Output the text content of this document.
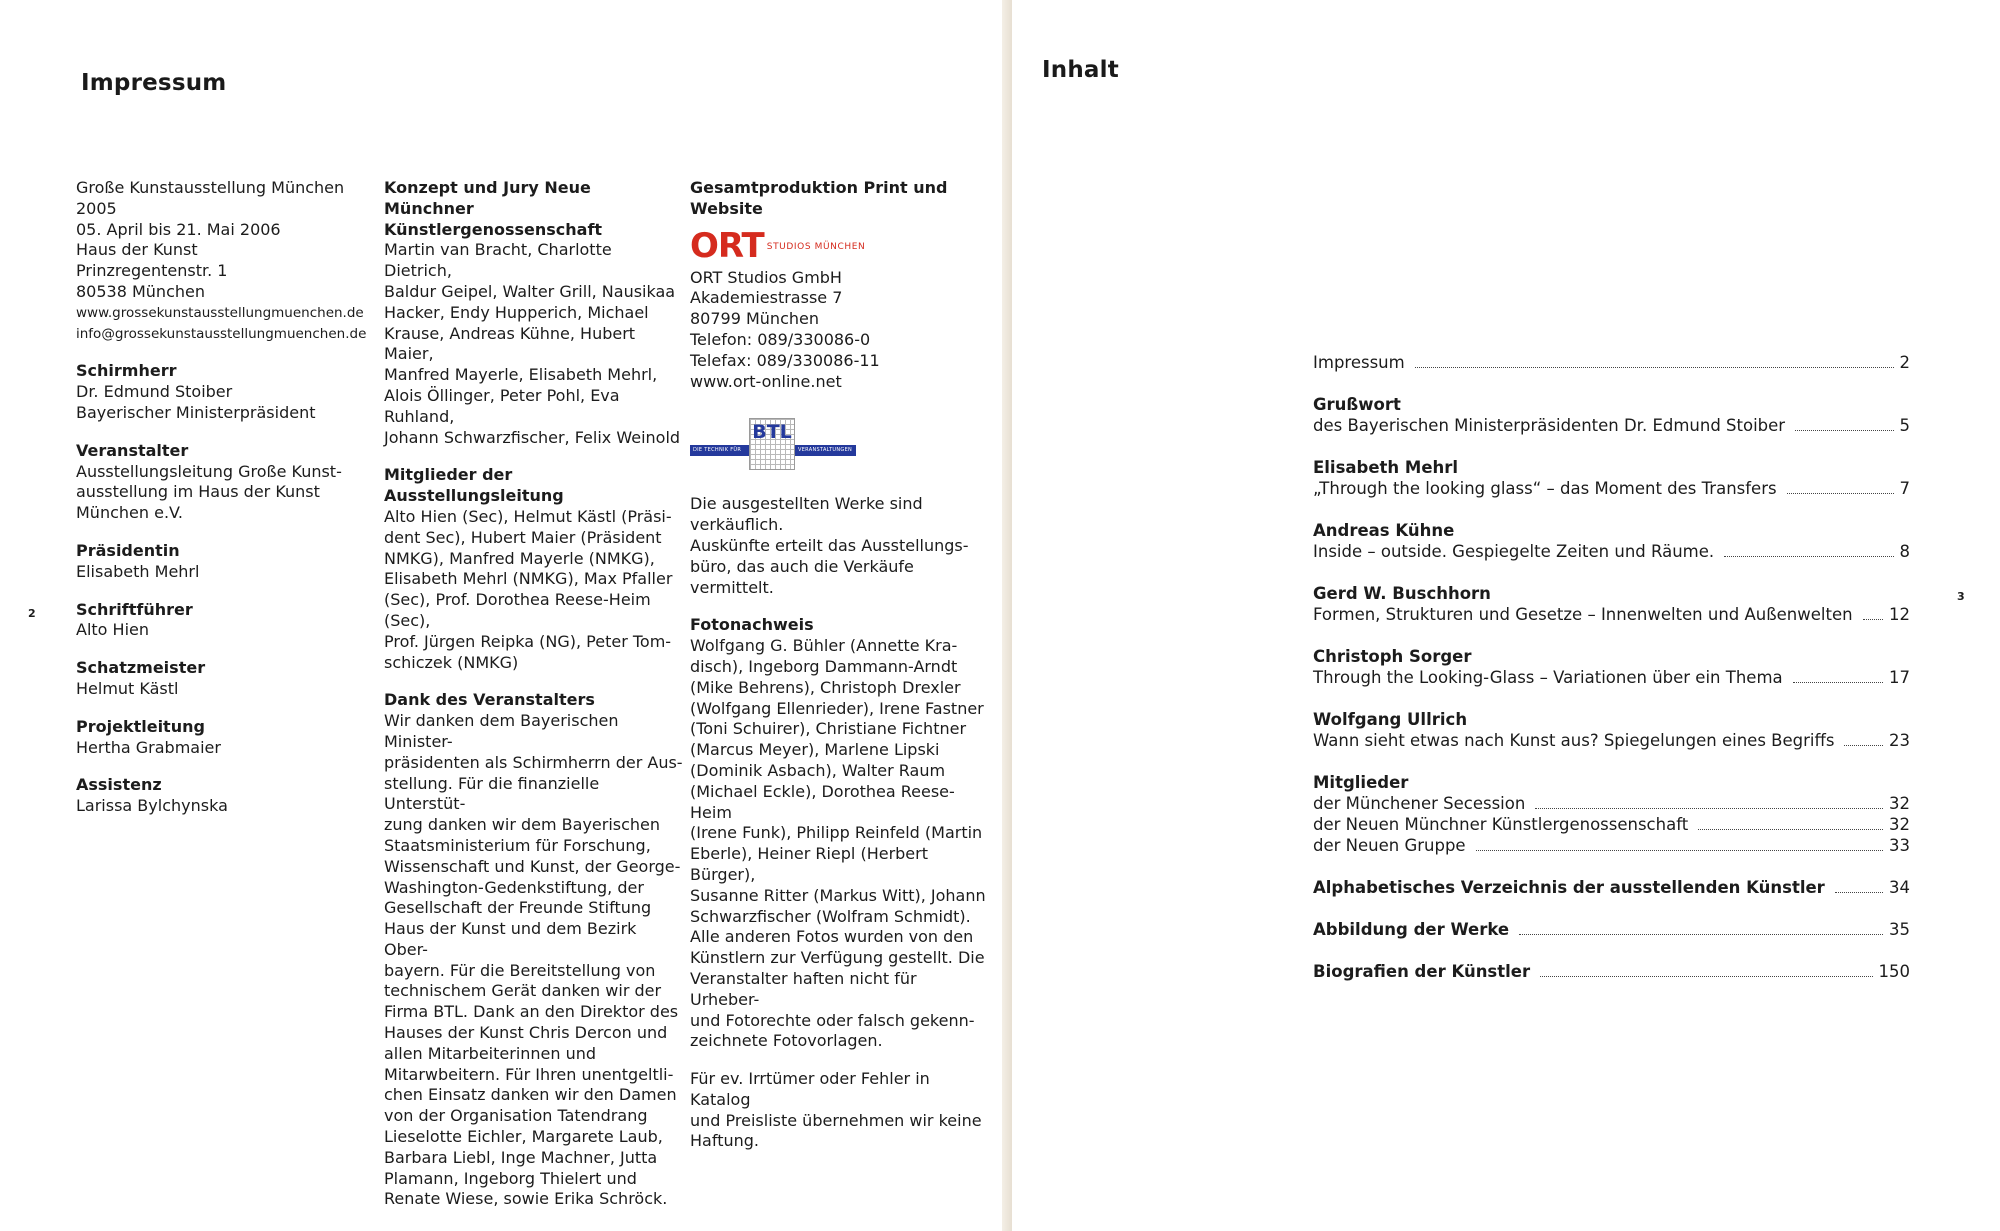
Impressum
2

Große Kunstausstellung München 2005

05. April bis 21. Mai 2006

Haus der Kunst

Prinzregentenstr. 1

80538 München

www.grossekunstausstellungmuenchen.de

info@grossekunstausstellungmuenchen.de

Schirmherr

Dr. Edmund Stoiber

Bayerischer Ministerpräsident

Veranstalter

Ausstellungsleitung Große Kunst-

ausstellung im Haus der Kunst

München e.V.

Präsidentin

Elisabeth Mehrl

Schriftführer

Alto Hien

Schatzmeister

Helmut Kästl

Projektleitung

Hertha Grabmaier

Assistenz

Larissa Bylchynska

Konzept und Jury Neue Münchner

Künstlergenossenschaft

Martin van Bracht, Charlotte Dietrich,

Baldur Geipel, Walter Grill, Nausikaa

Hacker, Endy Hupperich, Michael

Krause, Andreas Kühne, Hubert Maier,

Manfred Mayerle, Elisabeth Mehrl,

Alois Öllinger, Peter Pohl, Eva Ruhland,

Johann Schwarzfischer, Felix Weinold

Mitglieder der Ausstellungsleitung

Alto Hien (Sec), Helmut Kästl (Präsi-

dent Sec), Hubert Maier (Präsident

NMKG), Manfred Mayerle (NMKG),

Elisabeth Mehrl (NMKG), Max Pfaller

(Sec), Prof. Dorothea Reese-Heim (Sec),

Prof. Jürgen Reipka (NG), Peter Tom-

schiczek (NMKG)

Dank des Veranstalters

Wir danken dem Bayerischen Minister-

präsidenten als Schirmherrn der Aus-

stellung. Für die finanzielle Unterstüt-

zung danken wir dem Bayerischen

Staatsministerium für Forschung,

Wissenschaft und Kunst, der George-

Washington-Gedenkstiftung, der

Gesellschaft der Freunde Stiftung

Haus der Kunst und dem Bezirk Ober-

bayern. Für die Bereitstellung von

technischem Gerät danken wir der

Firma BTL. Dank an den Direktor des

Hauses der Kunst Chris Dercon und

allen Mitarbeiterinnen und

Mitarwbeitern. Für Ihren unentgeltli-

chen Einsatz danken wir den Damen

von der Organisation Tatendrang

Lieselotte Eichler, Margarete Laub,

Barbara Liebl, Inge Machner, Jutta

Plamann, Ingeborg Thielert und

Renate Wiese, sowie Erika Schröck.

Gesamtproduktion Print und Website

ORT STUDIOS MÜNCHEN

ORT Studios GmbH

Akademiestrasse 7

80799 München

Telefon: 089/330086-0

Telefax: 089/330086-11

www.ort-online.net

DIE TECHNIK FÜR	VERANSTALTUNGEN
BTL

Die ausgestellten Werke sind verkäuflich.

Auskünfte erteilt das Ausstellungs-

büro, das auch die Verkäufe vermittelt.

Fotonachweis

Wolfgang G. Bühler (Annette Kra-

disch), Ingeborg Dammann-Arndt

(Mike Behrens), Christoph Drexler

(Wolfgang Ellenrieder), Irene Fastner

(Toni Schuirer), Christiane Fichtner

(Marcus Meyer), Marlene Lipski

(Dominik Asbach), Walter Raum

(Michael Eckle), Dorothea Reese-Heim

(Irene Funk), Philipp Reinfeld (Martin

Eberle), Heiner Riepl (Herbert Bürger),

Susanne Ritter (Markus Witt), Johann

Schwarzfischer (Wolfram Schmidt).

Alle anderen Fotos wurden von den

Künstlern zur Verfügung gestellt. Die

Veranstalter haften nicht für Urheber-

und Fotorechte oder falsch gekenn-

zeichnete Fotovorlagen.

Für ev. Irrtümer oder Fehler in Katalog

und Preisliste übernehmen wir keine

Haftung.

Inhalt
3
Impressum	2
Grußwort
des Bayerischen Ministerpräsidenten Dr. Edmund Stoiber	5
Elisabeth Mehrl
„Through the looking glass“ – das Moment des Transfers	7
Andreas Kühne
Inside – outside. Gespiegelte Zeiten und Räume.	8
Gerd W. Buschhorn
Formen, Strukturen und Gesetze – Innenwelten und Außenwelten 12
Christoph Sorger
Through the Looking-Glass – Variationen über ein Thema	17
Wolfgang Ullrich
Wann sieht etwas nach Kunst aus? Spiegelungen eines Begriffs	23
Mitglieder
der Münchener Secession	32
der Neuen Münchner Künstlergenossenschaft	32
der Neuen Gruppe	33
Alphabetisches Verzeichnis der ausstellenden Künstler	34
Abbildung der Werke	35
Biografien der Künstler	150
